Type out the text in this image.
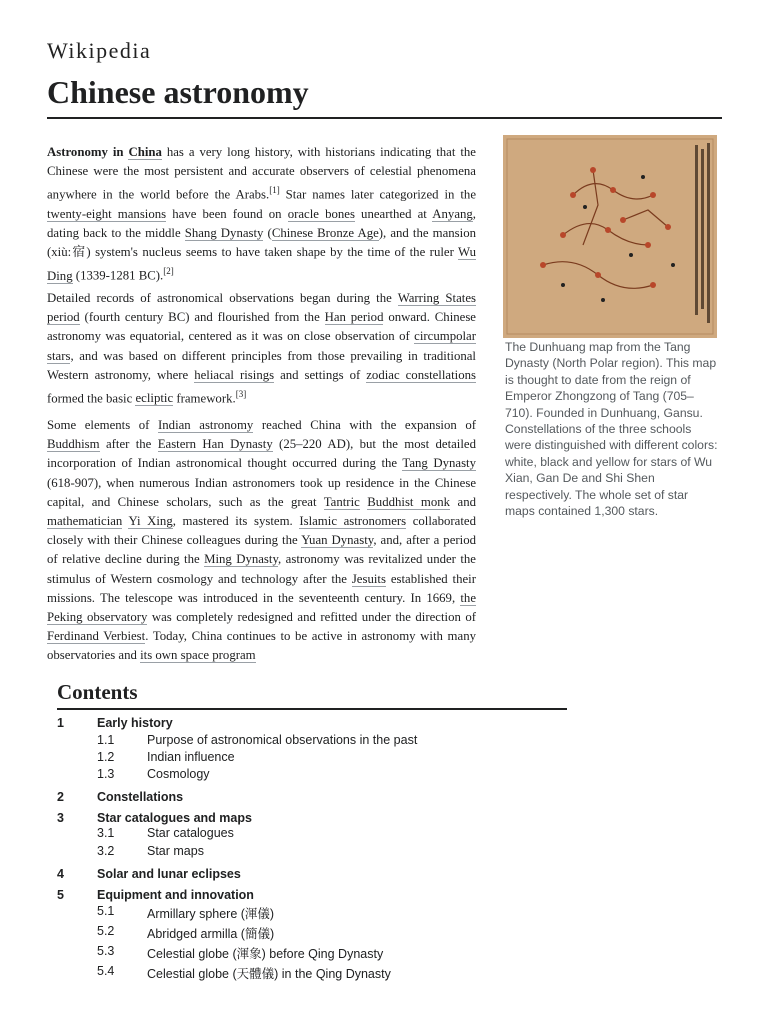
Wikipedia
Chinese astronomy

Astronomy in China has a very long history, with historians indicating that the Chinese were the most persistent and accurate observers of celestial phenomena anywhere in the world before the Arabs.[1] Star names later categorized in the twenty-eight mansions have been found on oracle bones unearthed at Anyang, dating back to the middle Shang Dynasty (Chinese Bronze Age), and the mansion (xiù:宿) system's nucleus seems to have taken shape by the time of the ruler Wu Ding (1339-1281 BC).[2]

Detailed records of astronomical observations began during the Warring States period (fourth century BC) and flourished from the Han period onward. Chinese astronomy was equatorial, centered as it was on close observation of circumpolar stars, and was based on different principles from those prevailing in traditional Western astronomy, where heliacal risings and settings of zodiac constellations formed the basic ecliptic framework.[3]

Some elements of Indian astronomy reached China with the expansion of Buddhism after the Eastern Han Dynasty (25–220 AD), but the most detailed incorporation of Indian astronomical thought occurred during the Tang Dynasty (618-907), when numerous Indian astronomers took up residence in the Chinese capital, and Chinese scholars, such as the great Tantric Buddhist monk and mathematician Yi Xing, mastered its system. Islamic astronomers collaborated closely with their Chinese colleagues during the Yuan Dynasty, and, after a period of relative decline during the Ming Dynasty, astronomy was revitalized under the stimulus of Western cosmology and technology after the Jesuits established their missions. The telescope was introduced in the seventeenth century. In 1669, the Peking observatory was completely redesigned and refitted under the direction of Ferdinand Verbiest. Today, China continues to be active in astronomy with many observatories and its own space program

The Dunhuang map from the Tang Dynasty (North Polar region). This map is thought to date from the reign of Emperor Zhongzong of Tang (705–710). Founded in Dunhuang, Gansu. Constellations of the three schools were distinguished with different colors: white, black and yellow for stars of Wu Xian, Gan De and Shi Shen respectively. The whole set of star maps contained 1,300 stars.
Contents
1	Early history
1.1	Purpose of astronomical observations in the past
1.2	Indian influence
1.3	Cosmology
2	Constellations
3	Star catalogues and maps
3.1	Star catalogues
3.2	Star maps
4	Solar and lunar eclipses
5	Equipment and innovation
5.1	Armillary sphere (渾儀)
5.2	Abridged armilla (簡儀)
5.3	Celestial globe (渾象) before Qing Dynasty
5.4	Celestial globe (天體儀) in the Qing Dynasty
